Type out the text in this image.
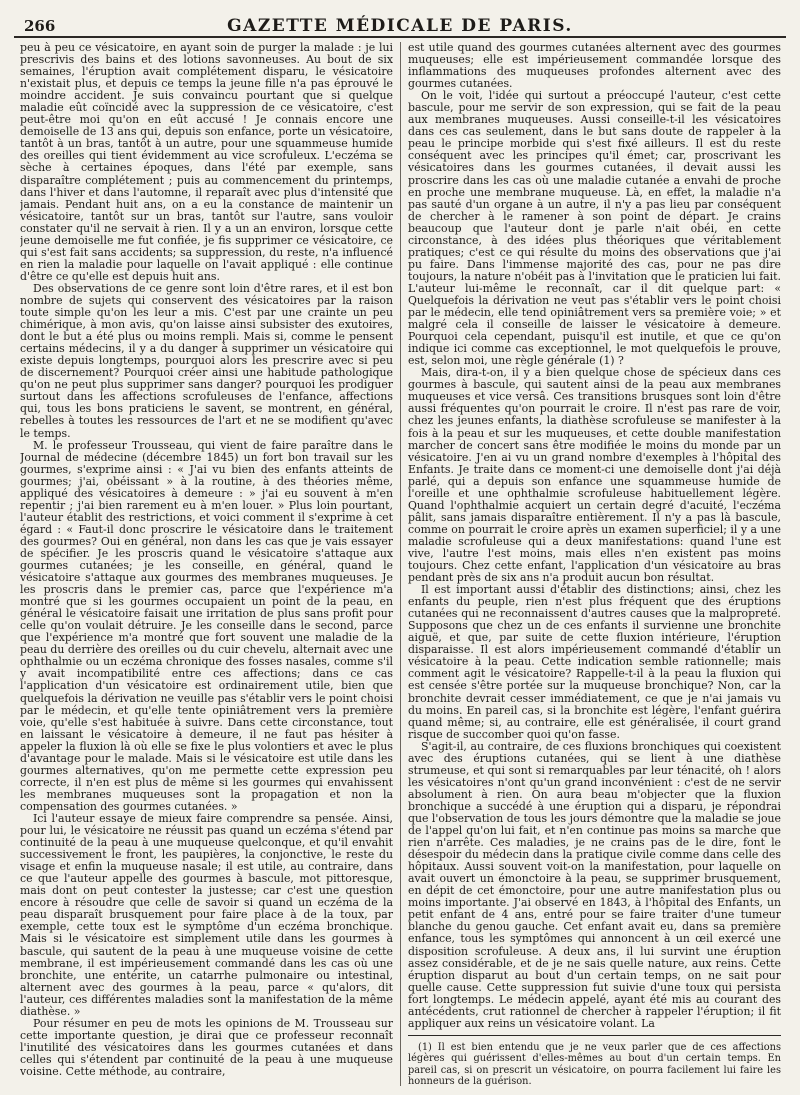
266	GAZETTE MÉDICALE DE PARIS.

peu à peu ce vésicatoire, en ayant soin de purger la malade : je lui prescrivis des bains et des lotions savonneuses. Au bout de six semaines, l'éruption avait complétement disparu, le vésicatoire n'existait plus, et depuis ce temps la jeune fille n'a pas éprouvé le moindre accident. Je suis convaincu pourtant que si quelque maladie eût coïncidé avec la suppression de ce vésicatoire, c'est peut-être moi qu'on en eût accusé ! Je connais encore une demoiselle de 13 ans qui, depuis son enfance, porte un vésicatoire, tantôt à un bras, tantôt à un autre, pour une squammeuse humide des oreilles qui tient évidemment au vice scrofuleux. L'eczéma se sèche à certaines époques, dans l'été par exemple, sans disparaître complétement ; puis au commencement du printemps, dans l'hiver et dans l'automne, il reparaît avec plus d'intensité que jamais. Pendant huit ans, on a eu la constance de maintenir un vésicatoire, tantôt sur un bras, tantôt sur l'autre, sans vouloir constater qu'il ne servait à rien. Il y a un an environ, lorsque cette jeune demoiselle me fut confiée, je fis supprimer ce vésicatoire, ce qui s'est fait sans accidents; sa suppression, du reste, n'a influencé en rien la maladie pour laquelle on l'avait appliqué : elle continue d'être ce qu'elle est depuis huit ans.

Des observations de ce genre sont loin d'être rares, et il est bon nombre de sujets qui conservent des vésicatoires par la raison toute simple qu'on les leur a mis. C'est par une crainte un peu chimérique, à mon avis, qu'on laisse ainsi subsister des exutoires, dont le but a été plus ou moins rempli. Mais si, comme le pensent certains médecins, il y a du danger à supprimer un vésicatoire qui existe depuis longtemps, pourquoi alors les prescrire avec si peu de discernement? Pourquoi créer ainsi une habitude pathologique qu'on ne peut plus supprimer sans danger? pourquoi les prodiguer surtout dans les affections scrofuleuses de l'enfance, affections qui, tous les bons praticiens le savent, se montrent, en général, rebelles à toutes les ressources de l'art et ne se modifient qu'avec le temps.

M. le professeur Trousseau, qui vient de faire paraître dans le Journal de médecine (décembre 1845) un fort bon travail sur les gourmes, s'exprime ainsi : « J'ai vu bien des enfants atteints de gourmes; j'ai, obéissant » à la routine, à des théories même, appliqué des vésicatoires à demeure : » j'ai eu souvent à m'en repentir ; j'ai bien rarement eu à m'en louer. » Plus loin pourtant, l'auteur établit des restrictions, et voici comment il s'exprime à cet égard : « Faut-il donc proscrire le vésicatoire dans le traitement des gourmes? Oui en général, non dans les cas que je vais essayer de spécifier. Je les proscris quand le vésicatoire s'attaque aux gourmes cutanées; je les conseille, en général, quand le vésicatoire s'attaque aux gourmes des membranes muqueuses. Je les proscris dans le premier cas, parce que l'expérience m'a montré que si les gourmes occupaient un point de la peau, en général le vésicatoire faisait une irritation de plus sans profit pour celle qu'on voulait détruire. Je les conseille dans le second, parce que l'expérience m'a montré que fort souvent une maladie de la peau du derrière des oreilles ou du cuir chevelu, alternait avec une ophthalmie ou un eczéma chronique des fosses nasales, comme s'il y avait incompatibilité entre ces affections; dans ce cas l'application d'un vésicatoire est ordinairement utile, bien que quelquefois la dérivation ne veuille pas s'établir vers le point choisi par le médecin, et qu'elle tente opiniâtrement vers la première voie, qu'elle s'est habituée à suivre. Dans cette circonstance, tout en laissant le vésicatoire à demeure, il ne faut pas hésiter à appeler la fluxion là où elle se fixe le plus volontiers et avec le plus d'avantage pour le malade. Mais si le vésicatoire est utile dans les gourmes alternatives, qu'on me permette cette expression peu correcte, il n'en est plus de même si les gourmes qui envahissent les membranes muqueuses sont la propagation et non la compensation des gourmes cutanées. »

Ici l'auteur essaye de mieux faire comprendre sa pensée. Ainsi, pour lui, le vésicatoire ne réussit pas quand un eczéma s'étend par continuité de la peau à une muqueuse quelconque, et qu'il envahit successivement le front, les paupières, la conjonctive, le reste du visage et enfin la muqueuse nasale; il est utile, au contraire, dans ce que l'auteur appelle des gourmes à bascule, mot pittoresque, mais dont on peut contester la justesse; car c'est une question encore à résoudre que celle de savoir si quand un eczéma de la peau disparaît brusquement pour faire place à de la toux, par exemple, cette toux est le symptôme d'un eczéma bronchique. Mais si le vésicatoire est simplement utile dans les gourmes à bascule, qui sautent de la peau à une muqueuse voisine de cette membrane, il est impérieusement commandé dans les cas où une bronchite, une entérite, un catarrhe pulmonaire ou intestinal, alternent avec des gourmes à la peau, parce « qu'alors, dit l'auteur, ces différentes maladies sont la manifestation de la même diathèse. »

Pour résumer en peu de mots les opinions de M. Trousseau sur cette importante question, je dirai que ce professeur reconnaît l'inutilité des vésicatoires dans les gourmes cutanées et dans celles qui s'étendent par continuité de la peau à une muqueuse voisine. Cette méthode, au contraire,

est utile quand des gourmes cutanées alternent avec des gourmes muqueuses; elle est impérieusement commandée lorsque des inflammations des muqueuses profondes alternent avec des gourmes cutanées.

On le voit, l'idée qui surtout a préoccupé l'auteur, c'est cette bascule, pour me servir de son expression, qui se fait de la peau aux membranes muqueuses. Aussi conseille-t-il les vésicatoires dans ces cas seulement, dans le but sans doute de rappeler à la peau le principe morbide qui s'est fixé ailleurs. Il est du reste conséquent avec les principes qu'il émet; car, proscrivant les vésicatoires dans les gourmes cutanées, il devait aussi les proscrire dans les cas où une maladie cutanée a envahi de proche en proche une membrane muqueuse. Là, en effet, la maladie n'a pas sauté d'un organe à un autre, il n'y a pas lieu par conséquent de chercher à le ramener à son point de départ. Je crains beaucoup que l'auteur dont je parle n'ait obéi, en cette circonstance, à des idées plus théoriques que véritablement pratiques; c'est ce qui résulte du moins des observations que j'ai pu faire. Dans l'immense majorité des cas, pour ne pas dire toujours, la nature n'obéit pas à l'invitation que le praticien lui fait. L'auteur lui-même le reconnaît, car il dit quelque part: « Quelquefois la dérivation ne veut pas s'établir vers le point choisi par le médecin, elle tend opiniâtrement vers sa première voie; » et malgré cela il conseille de laisser le vésicatoire à demeure. Pourquoi cela cependant, puisqu'il est inutile, et que ce qu'on indique ici comme cas exceptionnel, le mot quelquefois le prouve, est, selon moi, une règle générale (1) ?

Mais, dira-t-on, il y a bien quelque chose de spécieux dans ces gourmes à bascule, qui sautent ainsi de la peau aux membranes muqueuses et vice versâ. Ces transitions brusques sont loin d'être aussi fréquentes qu'on pourrait le croire. Il n'est pas rare de voir, chez les jeunes enfants, la diathèse scrofuleuse se manifester à la fois à la peau et sur les muqueuses, et cette double manifestation marcher de concert sans être modifiée le moins du monde par un vésicatoire. J'en ai vu un grand nombre d'exemples à l'hôpital des Enfants. Je traite dans ce moment-ci une demoiselle dont j'ai déjà parlé, qui a depuis son enfance une squammeuse humide de l'oreille et une ophthalmie scrofuleuse habituellement légère. Quand l'ophthalmie acquiert un certain degré d'acuité, l'eczéma pâlit, sans jamais disparaître entièrement. Il n'y a pas là bascule, comme on pourrait le croire après un examen superficiel; il y a une maladie scrofuleuse qui a deux manifestations: quand l'une est vive, l'autre l'est moins, mais elles n'en existent pas moins toujours. Chez cette enfant, l'application d'un vésicatoire au bras pendant près de six ans n'a produit aucun bon résultat.

Il est important aussi d'établir des distinctions; ainsi, chez les enfants du peuple, rien n'est plus fréquent que des éruptions cutanées qui ne reconnaissent d'autres causes que la malpropreté. Supposons que chez un de ces enfants il survienne une bronchite aiguë, et que, par suite de cette fluxion intérieure, l'éruption disparaisse. Il est alors impérieusement commandé d'établir un vésicatoire à la peau. Cette indication semble rationnelle; mais comment agit le vésicatoire? Rappelle-t-il à la peau la fluxion qui est censée s'être portée sur la muqueuse bronchique? Non, car la bronchite devrait cesser immédiatement, ce que je n'ai jamais vu du moins. En pareil cas, si la bronchite est légère, l'enfant guérira quand même; si, au contraire, elle est généralisée, il court grand risque de succomber quoi qu'on fasse.

S'agit-il, au contraire, de ces fluxions bronchiques qui coexistent avec des éruptions cutanées, qui se lient à une diathèse strumeuse, et qui sont si remarquables par leur ténacité, oh ! alors les vésicatoires n'ont qu'un grand inconvénient : c'est de ne servir absolument à rien. On aura beau m'objecter que la fluxion bronchique a succédé à une éruption qui a disparu, je répondrai que l'observation de tous les jours démontre que la maladie se joue de l'appel qu'on lui fait, et n'en continue pas moins sa marche que rien n'arrête. Ces maladies, je ne crains pas de le dire, font le désespoir du médecin dans la pratique civile comme dans celle des hôpitaux. Aussi souvent voit-on la manifestation, pour laquelle on avait ouvert un émonctoire à la peau, se supprimer brusquement, en dépit de cet émonctoire, pour une autre manifestation plus ou moins importante. J'ai observé en 1843, à l'hôpital des Enfants, un petit enfant de 4 ans, entré pour se faire traiter d'une tumeur blanche du genou gauche. Cet enfant avait eu, dans sa première enfance, tous les symptômes qui annoncent à un œil exercé une disposition scrofuleuse. A deux ans, il lui survint une éruption assez considérable, et de je ne sais quelle nature, aux reins. Cette éruption disparut au bout d'un certain temps, on ne sait pour quelle cause. Cette suppression fut suivie d'une toux qui persista fort longtemps. Le médecin appelé, ayant été mis au courant des antécédents, crut rationnel de chercher à rappeler l'éruption; il fit appliquer aux reins un vésicatoire volant. La

(1) Il est bien entendu que je ne veux parler que de ces affections légères qui guérissent d'elles-mêmes au bout d'un certain temps. En pareil cas, si on prescrit un vésicatoire, on pourra facilement lui faire les honneurs de la guérison.
